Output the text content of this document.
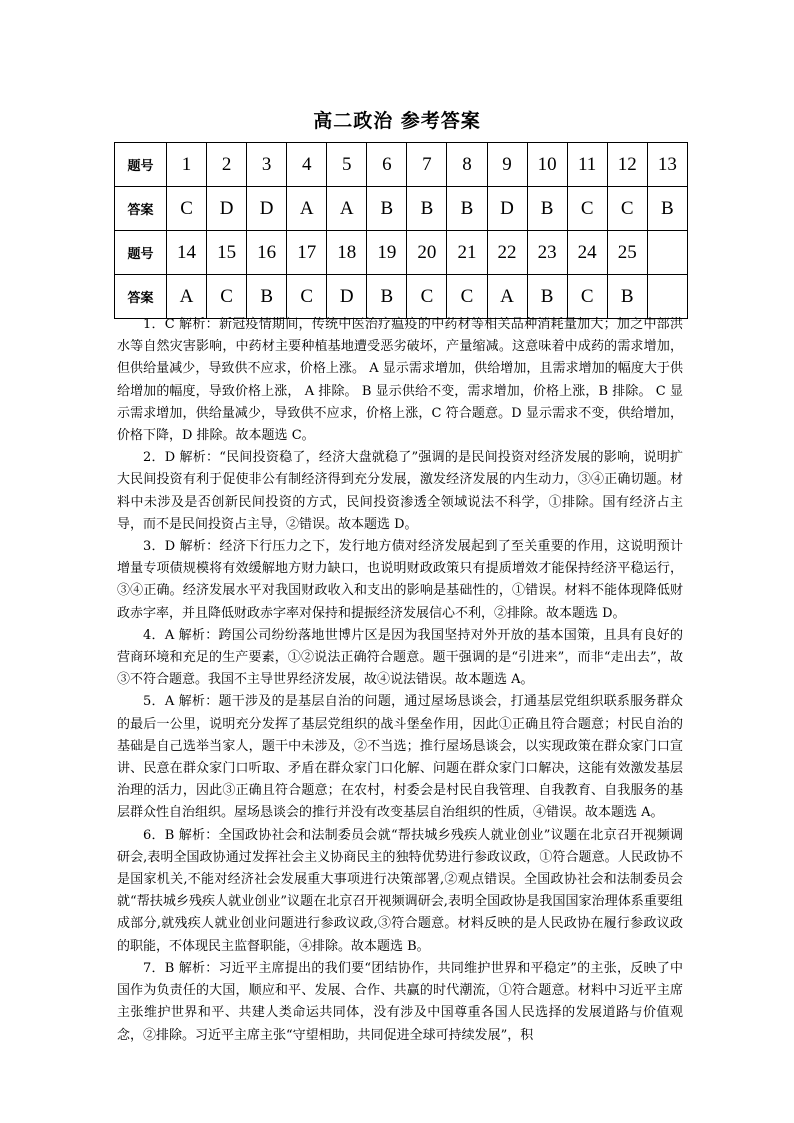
高二政治 参考答案
题号	1	2	3	4	5	6	7	8	9	10	11	12	13
答案	C	D	D	A	A	B	B	B	D	B	C	C	B
题号	14	15	16	17	18	19	20	21	22	23	24	25	
答案	A	C	B	C	D	B	C	C	A	B	C	B	

1．C 解析：新冠疫情期间，传统中医治疗瘟疫的中药材等相关品种消耗量加大；加之中部洪水等自然灾害影响，中药材主要种植基地遭受恶劣破坏，产量缩减。这意味着中成药的需求增加，但供给量减少，导致供不应求，价格上涨。 A 显示需求增加，供给增加，且需求增加的幅度大于供给增加的幅度，导致价格上涨， A 排除。 B 显示供给不变，需求增加，价格上涨，B 排除。 C 显示需求增加，供给量减少，导致供不应求，价格上涨，C 符合题意。D 显示需求不变，供给增加，价格下降，D 排除。故本题选 C。

2．D 解析：“民间投资稳了，经济大盘就稳了”强调的是民间投资对经济发展的影响，说明扩大民间投资有利于促使非公有制经济得到充分发展，激发经济发展的内生动力，③④正确切题。材料中未涉及是否创新民间投资的方式，民间投资渗透全领域说法不科学，①排除。国有经济占主导，而不是民间投资占主导，②错误。故本题选 D。

3．D 解析：经济下行压力之下，发行地方债对经济发展起到了至关重要的作用，这说明预计增量专项债规模将有效缓解地方财力缺口，也说明财政政策只有提质增效才能保持经济平稳运行，③④正确。经济发展水平对我国财政收入和支出的影响是基础性的，①错误。材料不能体现降低财政赤字率，并且降低财政赤字率对保持和提振经济发展信心不利，②排除。故本题选 D。

4．A 解析：跨国公司纷纷落地世博片区是因为我国坚持对外开放的基本国策，且具有良好的营商环境和充足的生产要素，①②说法正确符合题意。题干强调的是“引进来”，而非“走出去”，故③不符合题意。我国不主导世界经济发展，故④说法错误。故本题选 A。

5．A 解析：题干涉及的是基层自治的问题，通过屋场恳谈会，打通基层党组织联系服务群众的最后一公里，说明充分发挥了基层党组织的战斗堡垒作用，因此①正确且符合题意；村民自治的基础是自己选举当家人，题干中未涉及，②不当选；推行屋场恳谈会，以实现政策在群众家门口宣讲、民意在群众家门口听取、矛盾在群众家门口化解、问题在群众家门口解决，这能有效激发基层治理的活力，因此③正确且符合题意；在农村，村委会是村民自我管理、自我教育、自我服务的基层群众性自治组织。屋场恳谈会的推行并没有改变基层自治组织的性质，④错误。故本题选 A。

6．B 解析：全国政协社会和法制委员会就“帮扶城乡残疾人就业创业”议题在北京召开视频调研会,表明全国政协通过发挥社会主义协商民主的独特优势进行参政议政，①符合题意。人民政协不是国家机关,不能对经济社会发展重大事项进行决策部署,②观点错误。全国政协社会和法制委员会就“帮扶城乡残疾人就业创业”议题在北京召开视频调研会,表明全国政协是我国国家治理体系重要组成部分,就残疾人就业创业问题进行参政议政,③符合题意。材料反映的是人民政协在履行参政议政的职能，不体现民主监督职能，④排除。故本题选 B。

7．B 解析：习近平主席提出的我们要“团结协作，共同维护世界和平稳定”的主张，反映了中国作为负责任的大国，顺应和平、发展、合作、共赢的时代潮流，①符合题意。材料中习近平主席主张维护世界和平、共建人类命运共同体，没有涉及中国尊重各国人民选择的发展道路与价值观念，②排除。习近平主席主张“守望相助，共同促进全球可持续发展”，积
